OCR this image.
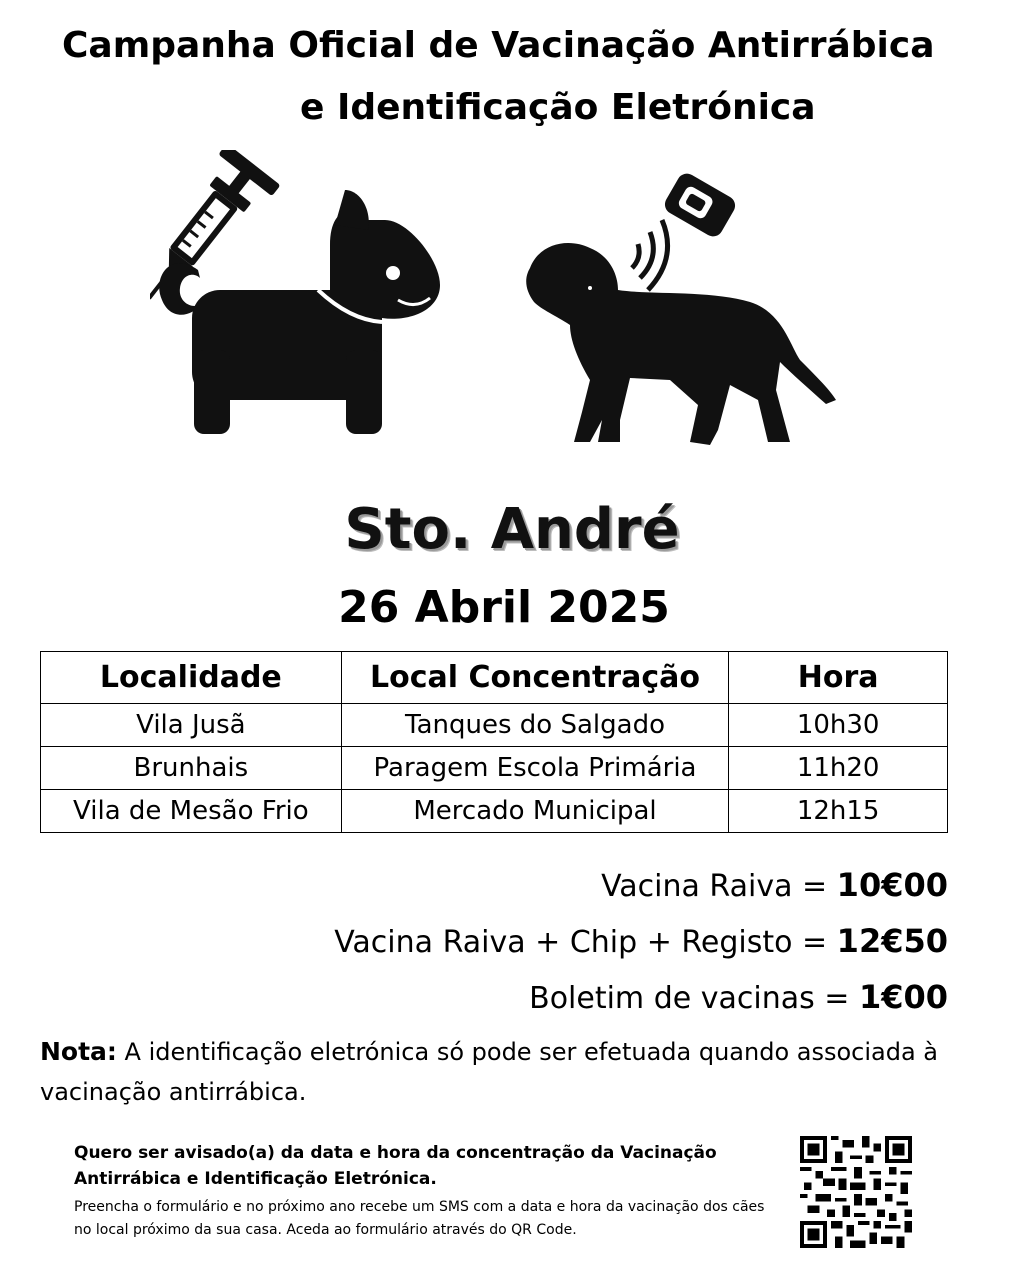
Campanha Oficial de Vacinação Antirrábica
e Identificação Eletrónica
Sto. André
26 Abril 2025
Localidade	Local Concentração	Hora
Vila Jusã	Tanques do Salgado	10h30
Brunhais	Paragem Escola Primária	11h20
Vila de Mesão Frio	Mercado Municipal	12h15
Vacina Raiva = 10€00
Vacina Raiva + Chip + Registo = 12€50
Boletim de vacinas = 1€00
Nota: A identificação eletrónica só pode ser efetuada quando associada à vacinação antirrábica.
Quero ser avisado(a) da data e hora da concentração da Vacinação Antirrábica e Identificação Eletrónica.
Preencha o formulário e no próximo ano recebe um SMS com a data e hora da vacinação dos cães no local próximo da sua casa. Aceda ao formulário através do QR Code.
